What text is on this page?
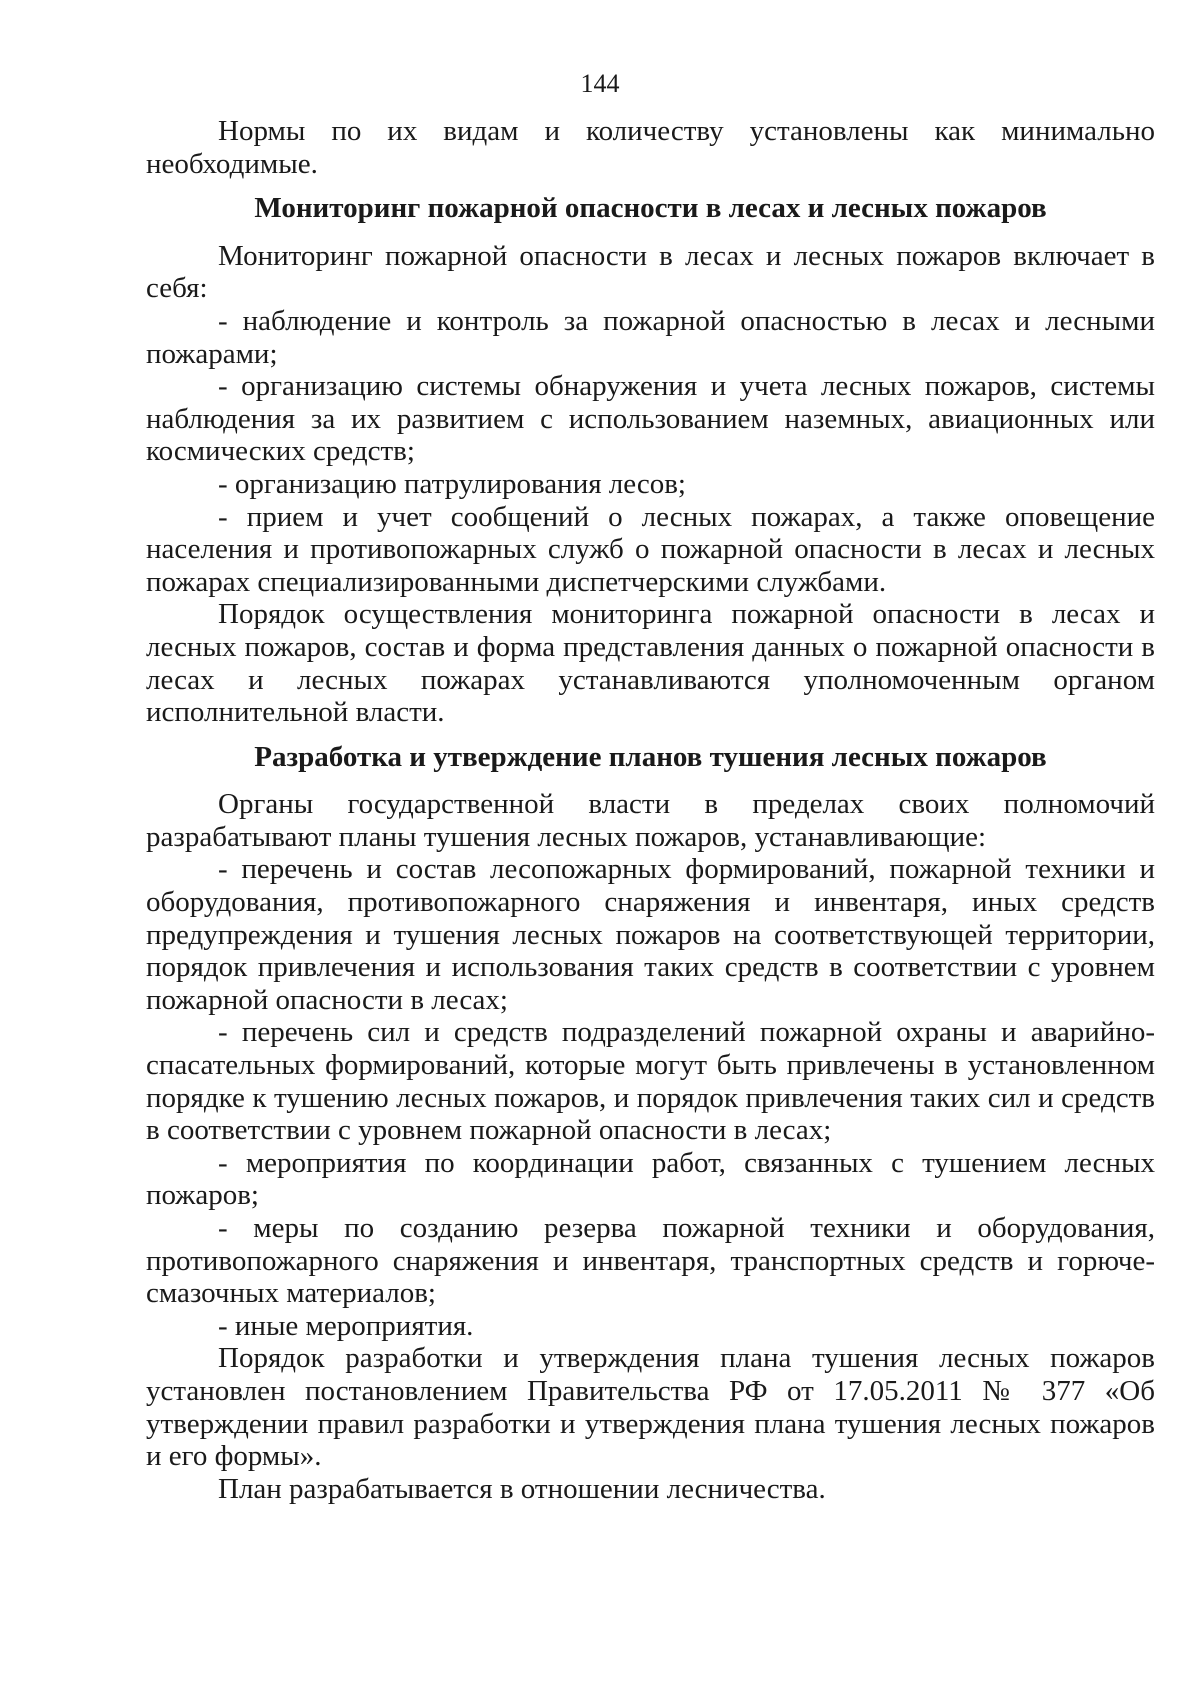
144

Нормы по их видам и количеству установлены как минимально необходимые.

Мониторинг пожарной опасности в лесах и лесных пожаров

Мониторинг пожарной опасности в лесах и лесных пожаров включает в себя:

- наблюдение и контроль за пожарной опасностью в лесах и лесными пожарами;

- организацию системы обнаружения и учета лесных пожаров, системы наблюдения за их развитием с использованием наземных, авиационных или космических средств;

- организацию патрулирования лесов;

- прием и учет сообщений о лесных пожарах, а также оповещение населения и противопожарных служб о пожарной опасности в лесах и лесных пожарах специализированными диспетчерскими службами.

Порядок осуществления мониторинга пожарной опасности в лесах и лесных пожаров, состав и форма представления данных о пожарной опасности в лесах и лесных пожарах устанавливаются уполномоченным органом исполнительной власти.

Разработка и утверждение планов тушения лесных пожаров

Органы государственной власти в пределах своих полномочий разрабатывают планы тушения лесных пожаров, устанавливающие:

- перечень и состав лесопожарных формирований, пожарной техники и оборудования, противопожарного снаряжения и инвентаря, иных средств предупреждения и тушения лесных пожаров на соответствующей территории, порядок привлечения и использования таких средств в соответствии с уровнем пожарной опасности в лесах;

- перечень сил и средств подразделений пожарной охраны и аварийно-спасательных формирований, которые могут быть привлечены в установленном порядке к тушению лесных пожаров, и порядок привлечения таких сил и средств в соответствии с уровнем пожарной опасности в лесах;

- мероприятия по координации работ, связанных с тушением лесных пожаров;

- меры по созданию резерва пожарной техники и оборудования, противопожарного снаряжения и инвентаря, транспортных средств и горюче-смазочных материалов;

- иные мероприятия.

Порядок разработки и утверждения плана тушения лесных пожаров установлен постановлением Правительства РФ от 17.05.2011 № 377 «Об утверждении правил разработки и утверждения плана тушения лесных пожаров и его формы».

План разрабатывается в отношении лесничества.
